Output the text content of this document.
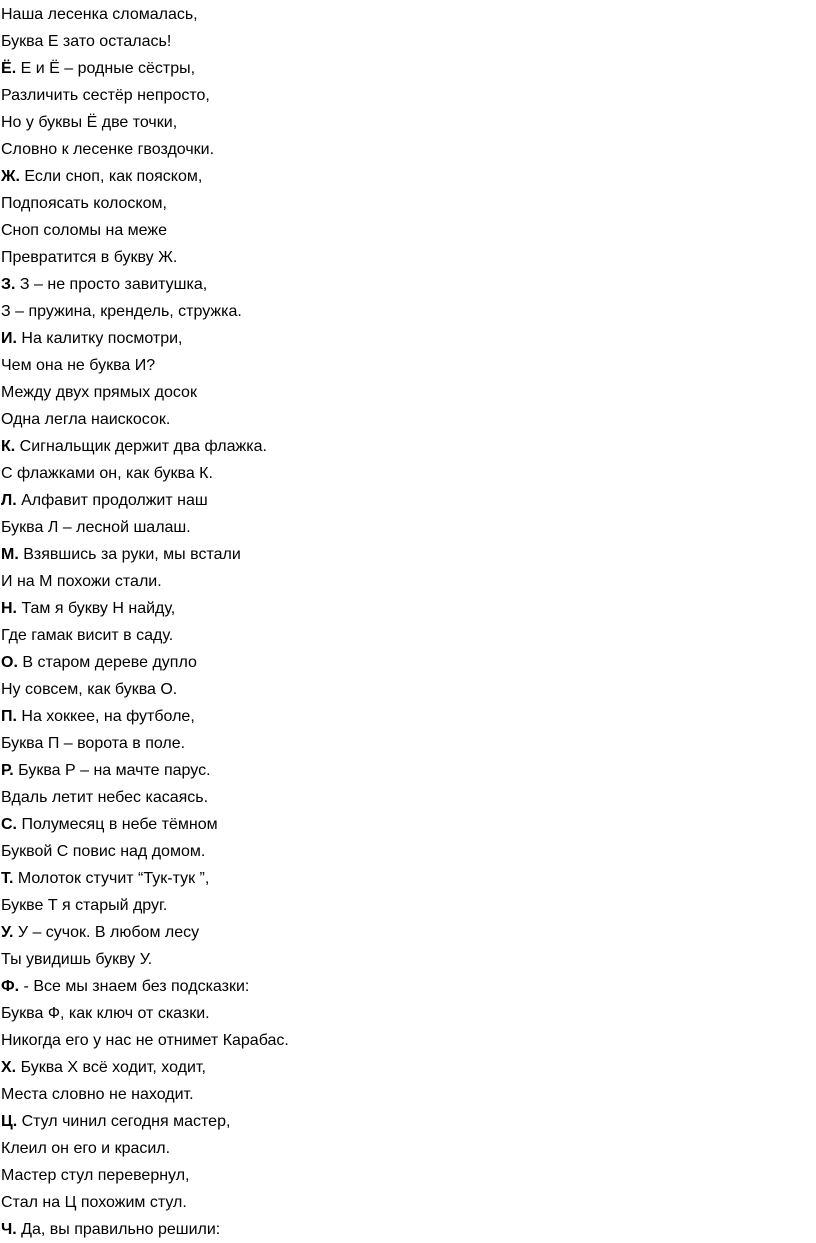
Наша лесенка сломалась,
Буква Е зато осталась!
Ё. Е и Ё – родные сёстры,
Различить сестёр непросто,
Но у буквы Ё две точки,
Словно к лесенке гвоздочки.
Ж. Если сноп, как пояском,
Подпоясать колоском,
Сноп соломы на меже
Превратится в букву Ж.
З. З – не просто завитушка,
З – пружина, крендель, стружка.
И. На калитку посмотри,
Чем она не буква И?
Между двух прямых досок
Одна легла наискосок.
К. Сигнальщик держит два флажка.
С флажками он, как буква К.
Л. Алфавит продолжит наш
Буква Л – лесной шалаш.
М. Взявшись за руки, мы встали
И на М похожи стали.
Н. Там я букву Н найду,
Где гамак висит в саду.
О. В старом дереве дупло
Ну совсем, как буква О.
П. На хоккее, на футболе,
Буква П – ворота в поле.
Р. Буква Р – на мачте парус.
Вдаль летит небес касаясь.
С. Полумесяц в небе тёмном
Буквой С повис над домом.
Т. Молоток стучит “Тук-тук ”,
Букве Т я старый друг.
У. У – сучок. В любом лесу
Ты увидишь букву У.
Ф. - Все мы знаем без подсказки:
Буква Ф, как ключ от сказки.
Никогда его у нас не отнимет Карабас.
Х. Буква Х всё ходит, ходит,
Места словно не находит.
Ц. Стул чинил сегодня мастер,
Клеил он его и красил.
Мастер стул перевернул,
Стал на Ц похожим стул.
Ч. Да, вы правильно решили:
